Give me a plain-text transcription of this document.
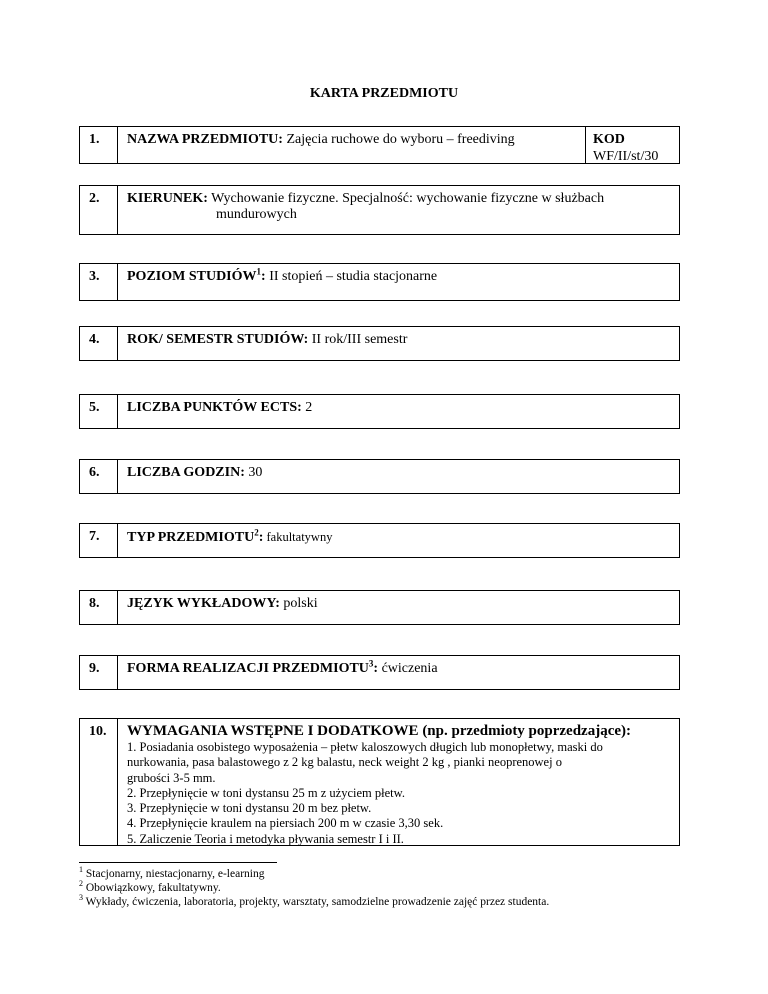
KARTA PRZEDMIOTU
1.	NAZWA PRZEDMIOTU: Zajęcia ruchowe do wyboru – freediving	KOD
WF/II/st/30
2.	KIERUNEK: Wychowanie fizyczne. Specjalność: wychowanie fizyczne w służbach
mundurowych
3.	POZIOM STUDIÓW$^1$: II stopień – studia stacjonarne
4.	ROK/ SEMESTR STUDIÓW: II rok/III semestr
5.	LICZBA PUNKTÓW ECTS: 2
6.	LICZBA GODZIN: 30
7.	TYP PRZEDMIOTU$^2$: fakultatywny
8.	JĘZYK WYKŁADOWY: polski
9.	FORMA REALIZACJI PRZEDMIOTU$^3$: ćwiczenia
10.	WYMAGANIA WSTĘPNE I DODATKOWE (np. przedmioty poprzedzające):
1. Posiadania osobistego wyposażenia – płetw kaloszowych długich lub monopłetwy, maski do
nurkowania, pasa balastowego z 2 kg balastu, neck weight 2 kg , pianki neoprenowej o
grubości 3-5 mm.
2. Przepłynięcie w toni dystansu 25 m z użyciem płetw.
3. Przepłynięcie w toni dystansu 20 m bez płetw.
4. Przepłynięcie kraulem na piersiach 200 m w czasie 3,30 sek.
5. Zaliczenie Teoria i metodyka pływania semestr I i II.
$^1$ Stacjonarny, niestacjonarny, e-learning
$^2$ Obowiązkowy, fakultatywny.
$^3$ Wykłady, ćwiczenia, laboratoria, projekty, warsztaty, samodzielne prowadzenie zajęć przez studenta.
